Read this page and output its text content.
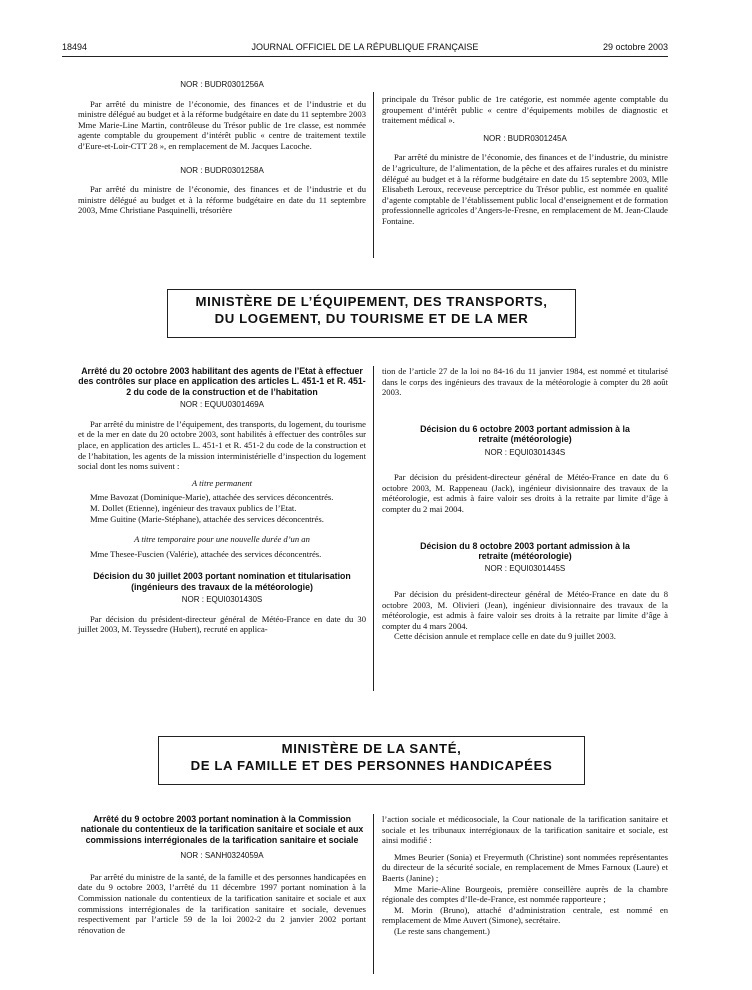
18494	JOURNAL OFFICIEL DE LA RÉPUBLIQUE FRANÇAISE	29 octobre 2003

NOR : BUDR0301256A

Par arrêté du ministre de l’économie, des finances et de l’industrie et du ministre délégué au budget et à la réforme budgétaire en date du 11 septembre 2003 Mme Marie-Line Martin, contrôleuse du Trésor public de 1re classe, est nommée agente comptable du groupement d’intérêt public « centre de traitement textile d’Eure-et-Loir-CTT 28 », en remplacement de M. Jacques Lacoche.

NOR : BUDR0301258A

Par arrêté du ministre de l’économie, des finances et de l’industrie et du ministre délégué au budget et à la réforme budgétaire en date du 11 septembre 2003, Mme Christiane Pasquinelli, trésorière

principale du Trésor public de 1re catégorie, est nommée agente comptable du groupement d’intérêt public « centre d’équipements mobiles de diagnostic et traitement médical ».

NOR : BUDR0301245A

Par arrêté du ministre de l’économie, des finances et de l’industrie, du ministre de l’agriculture, de l’alimentation, de la pêche et des affaires rurales et du ministre délégué au budget et à la réforme budgétaire en date du 15 septembre 2003, Mlle Elisabeth Leroux, receveuse perceptrice du Trésor public, est nommée en qualité d’agente comptable de l’établissement public local d’enseignement et de formation professionnelle agricoles d’Angers-le-Fresne, en remplacement de M. Jean-Claude Fontaine.

MINISTÈRE DE L’ÉQUIPEMENT, DES TRANSPORTS,
DU LOGEMENT, DU TOURISME ET DE LA MER

Arrêté du 20 octobre 2003 habilitant des agents de l’Etat à effectuer des contrôles sur place en application des articles L. 451-1 et R. 451-2 du code de la construction et de l’habitation

NOR : EQUU0301469A

Par arrêté du ministre de l’équipement, des transports, du logement, du tourisme et de la mer en date du 20 octobre 2003, sont habilités à effectuer des contrôles sur place, en application des articles L. 451-1 et R. 451-2 du code de la construction et de l’habitation, les agents de la mission interministérielle d’inspection du logement social dont les noms suivent :

A titre permanent

Mme Bavozat (Dominique-Marie), attachée des services déconcentrés.

M. Dollet (Etienne), ingénieur des travaux publics de l’Etat.

Mme Guitine (Marie-Stéphane), attachée des services déconcentrés.

A titre temporaire pour une nouvelle durée d’un an

Mme Thesee-Fuscien (Valérie), attachée des services déconcentrés.

Décision du 30 juillet 2003 portant nomination et titularisation (ingénieurs des travaux de la météorologie)

NOR : EQUI0301430S

Par décision du président-directeur général de Météo-France en date du 30 juillet 2003, M. Teyssedre (Hubert), recruté en applica-

tion de l’article 27 de la loi no 84-16 du 11 janvier 1984, est nommé et titularisé dans le corps des ingénieurs des travaux de la météorologie à compter du 28 août 2003.

Décision du 6 octobre 2003 portant admission à la retraite (météorologie)

NOR : EQUI0301434S

Par décision du président-directeur général de Météo-France en date du 6 octobre 2003, M. Rappeneau (Jack), ingénieur divisionnaire des travaux de la météorologie, est admis à faire valoir ses droits à la retraite par limite d’âge à compter du 2 mai 2004.

Décision du 8 octobre 2003 portant admission à la retraite (météorologie)

NOR : EQUI0301445S

Par décision du président-directeur général de Météo-France en date du 8 octobre 2003, M. Olivieri (Jean), ingénieur divisionnaire des travaux de la météorologie, est admis à faire valoir ses droits à la retraite par limite d’âge à compter du 4 mars 2004.

Cette décision annule et remplace celle en date du 9 juillet 2003.

MINISTÈRE DE LA SANTÉ,
DE LA FAMILLE ET DES PERSONNES HANDICAPÉES

Arrêté du 9 octobre 2003 portant nomination à la Commission nationale du contentieux de la tarification sanitaire et sociale et aux commissions interrégionales de la tarification sanitaire et sociale

NOR : SANH0324059A

Par arrêté du ministre de la santé, de la famille et des personnes handicapées en date du 9 octobre 2003, l’arrêté du 11 décembre 1997 portant nomination à la Commission nationale du contentieux de la tarification sanitaire et sociale et aux commissions interrégionales de la tarification sanitaire et sociale, devenues respectivement par l’article 59 de la loi 2002-2 du 2 janvier 2002 portant rénovation de

l’action sociale et médicosociale, la Cour nationale de la tarification sanitaire et sociale et les tribunaux interrégionaux de la tarification sanitaire et sociale, est ainsi modifié :

Mmes Beurier (Sonia) et Freyermuth (Christine) sont nommées représentantes du directeur de la sécurité sociale, en remplacement de Mmes Farnoux (Laure) et Baerts (Janine) ;

Mme Marie-Aline Bourgeois, première conseillère auprès de la chambre régionale des comptes d’Ile-de-France, est nommée rapporteure ;

M. Morin (Bruno), attaché d’administration centrale, est nommé en remplacement de Mme Auvert (Simone), secrétaire.

(Le reste sans changement.)
